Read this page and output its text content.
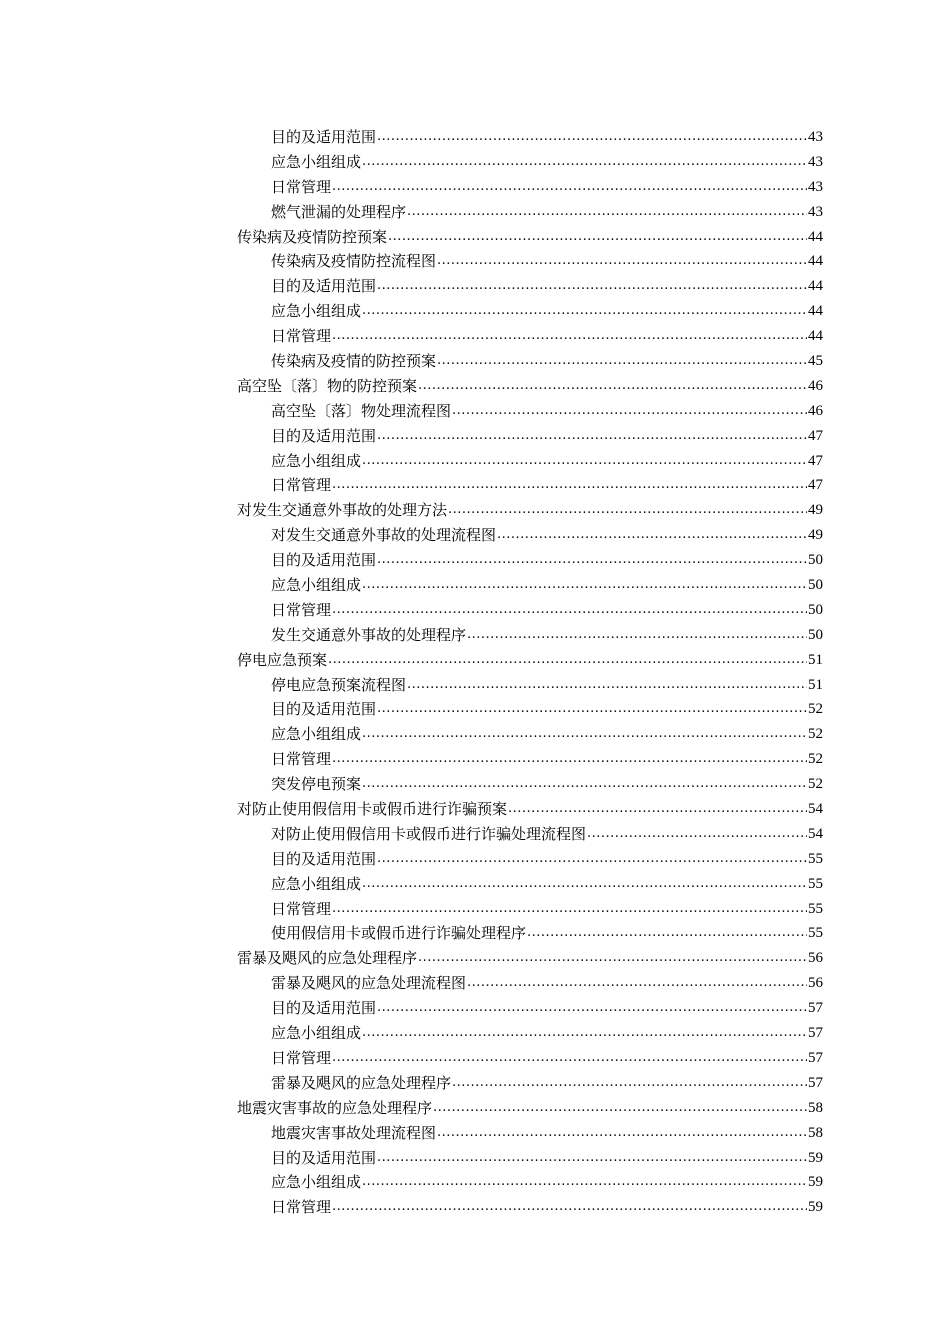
目的及适用范围 .....	43
应急小组组成 .....	43
日常管理 .....	43
燃气泄漏的处理程序 .....	43
传染病及疫情防控预案 .....	44
传染病及疫情防控流程图 .....	44
目的及适用范围 .....	44
应急小组组成 .....	44
日常管理 .....	44
传染病及疫情的防控预案 .....	45
高空坠〔落〕物的防控预案 .....	46
高空坠〔落〕物处理流程图 .....	46
目的及适用范围 .....	47
应急小组组成 .....	47
日常管理 .....	47
对发生交通意外事故的处理方法 .....	49
对发生交通意外事故的处理流程图 .....	49
目的及适用范围 .....	50
应急小组组成 .....	50
日常管理 .....	50
发生交通意外事故的处理程序 .....	50
停电应急预案 .....	51
停电应急预案流程图 .....	51
目的及适用范围 .....	52
应急小组组成 .....	52
日常管理 .....	52
突发停电预案 .....	52
对防止使用假信用卡或假币进行诈骗预案 .....	54
对防止使用假信用卡或假币进行诈骗处理流程图 .....	54
目的及适用范围 .....	55
应急小组组成 .....	55
日常管理 .....	55
使用假信用卡或假币进行诈骗处理程序 .....	55
雷暴及飓风的应急处理程序 .....	56
雷暴及飓风的应急处理流程图 .....	56
目的及适用范围 .....	57
应急小组组成 .....	57
日常管理 .....	57
雷暴及飓风的应急处理程序 .....	57
地震灾害事故的应急处理程序 .....	58
地震灾害事故处理流程图 .....	58
目的及适用范围 .....	59
应急小组组成 .....	59
日常管理 .....	59
